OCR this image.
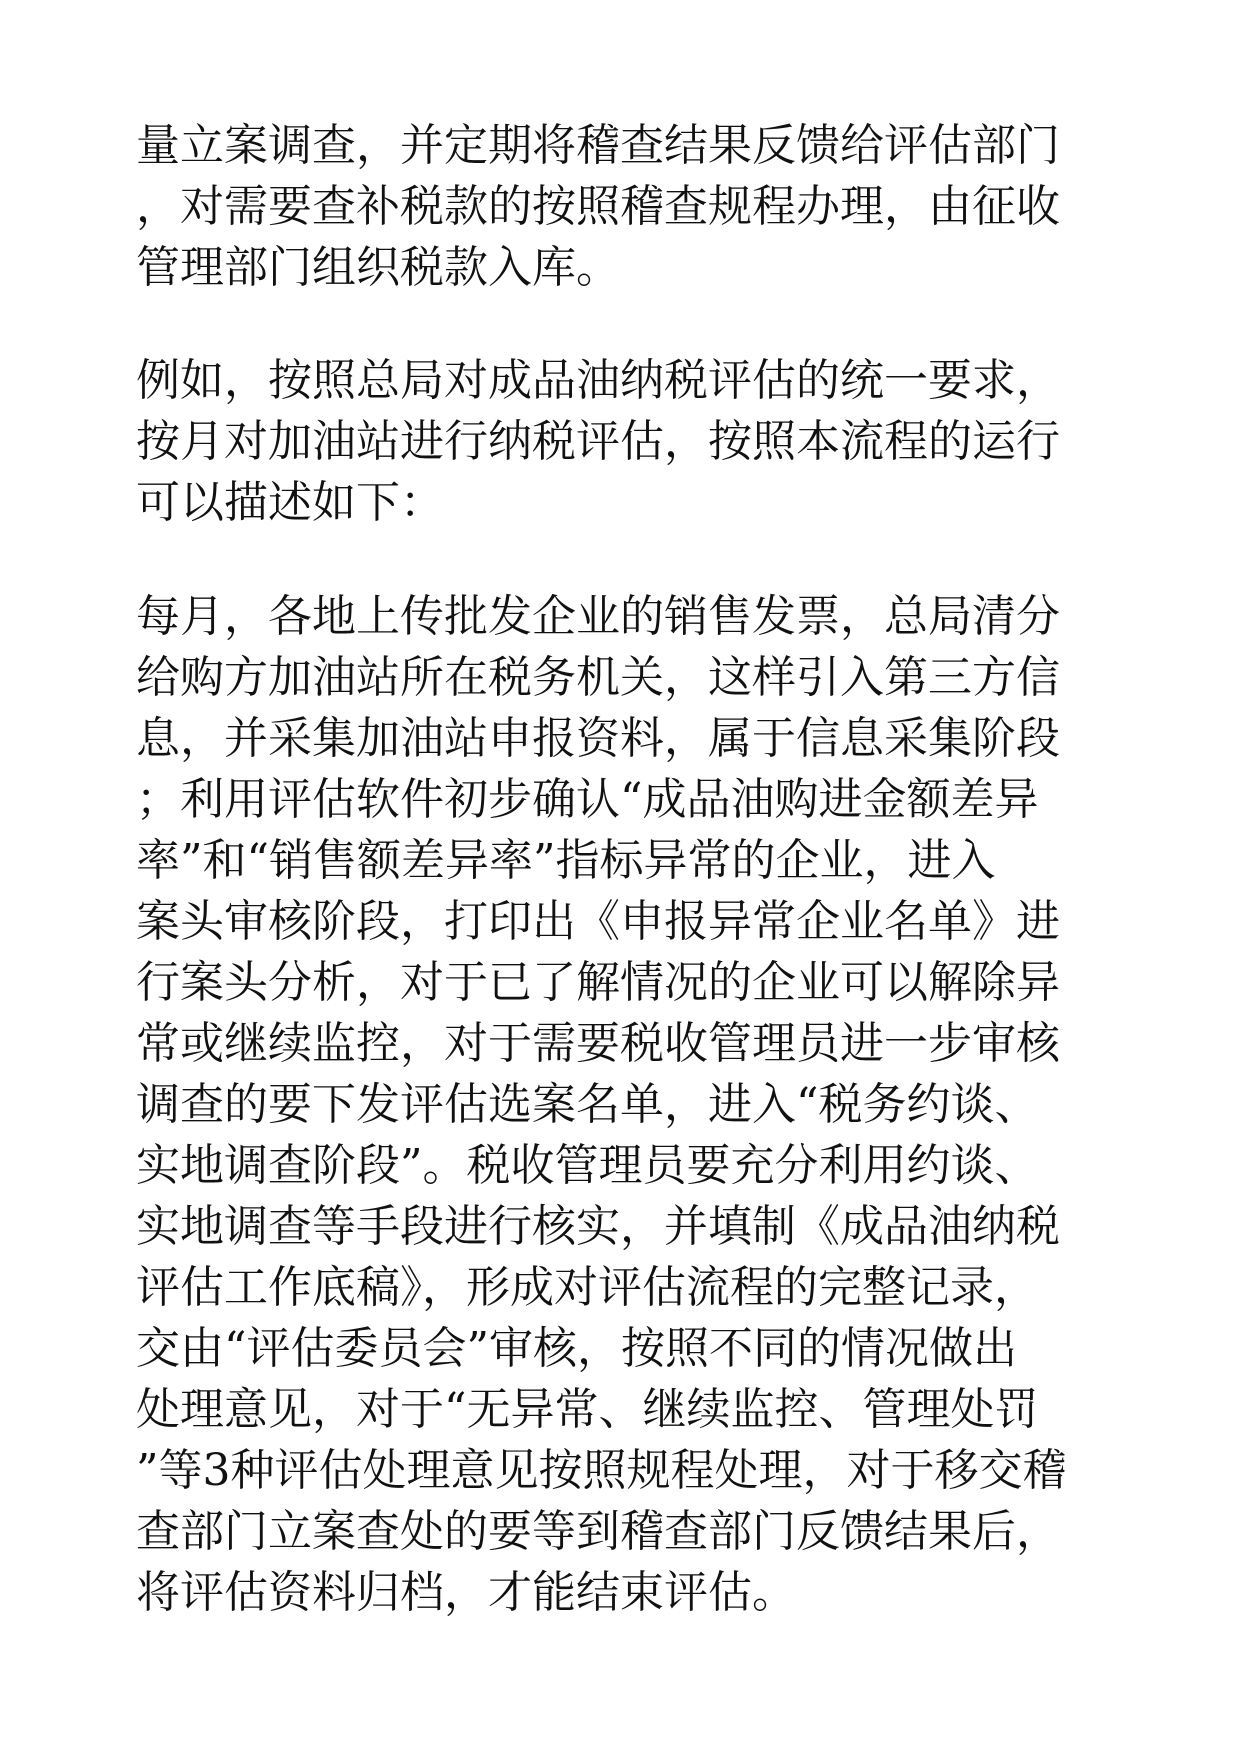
量立案调查，并定期将稽查结果反馈给评估部门
，对需要查补税款的按照稽查规程办理，由征收
管理部门组织税款入库。

例如，按照总局对成品油纳税评估的统一要求，
按月对加油站进行纳税评估，按照本流程的运行
可以描述如下：

每月，各地上传批发企业的销售发票，总局清分
给购方加油站所在税务机关，这样引入第三方信
息，并采集加油站申报资料，属于信息采集阶段
；利用评估软件初步确认“成品油购进金额差异
率”和“销售额差异率”指标异常的企业，进入
案头审核阶段，打印出《申报异常企业名单》进
行案头分析，对于已了解情况的企业可以解除异
常或继续监控，对于需要税收管理员进一步审核
调查的要下发评估选案名单，进入“税务约谈、
实地调查阶段”。税收管理员要充分利用约谈、
实地调查等手段进行核实，并填制《成品油纳税
评估工作底稿》，形成对评估流程的完整记录，
交由“评估委员会”审核，按照不同的情况做出
处理意见，对于“无异常、继续监控、管理处罚
”等3种评估处理意见按照规程处理，对于移交稽
查部门立案查处的要等到稽查部门反馈结果后，
将评估资料归档，才能结束评估。
